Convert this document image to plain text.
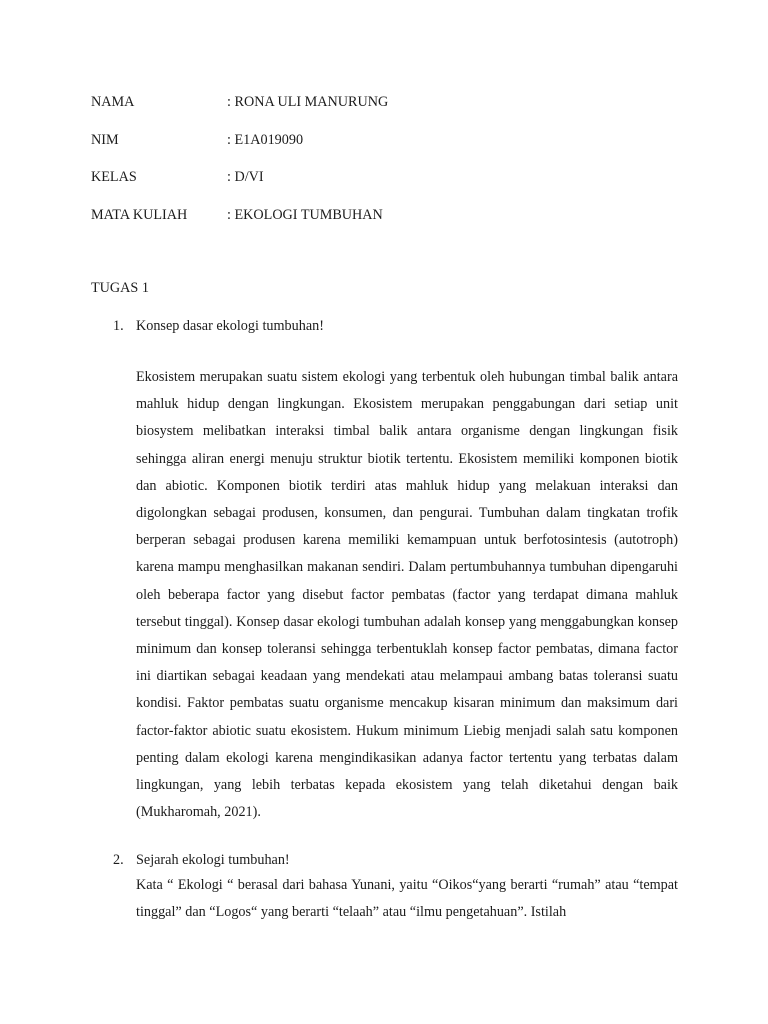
NAMA	: RONA ULI MANURUNG
NIM	: E1A019090
KELAS	: D/VI
MATA KULIAH	: EKOLOGI TUMBUHAN
TUGAS 1
1. Konsep dasar ekologi tumbuhan!

Ekosistem merupakan suatu sistem ekologi yang terbentuk oleh hubungan timbal balik antara mahluk hidup dengan lingkungan. Ekosistem merupakan penggabungan dari setiap unit biosystem melibatkan interaksi timbal balik antara organisme dengan lingkungan fisik sehingga aliran energi menuju struktur biotik tertentu. Ekosistem memiliki komponen biotik dan abiotic. Komponen biotik terdiri atas mahluk hidup yang melakuan interaksi dan digolongkan sebagai produsen, konsumen, dan pengurai. Tumbuhan dalam tingkatan trofik berperan sebagai produsen karena memiliki kemampuan untuk berfotosintesis (autotroph) karena mampu menghasilkan makanan sendiri. Dalam pertumbuhannya tumbuhan dipengaruhi oleh beberapa factor yang disebut factor pembatas (factor yang terdapat dimana mahluk tersebut tinggal). Konsep dasar ekologi tumbuhan adalah konsep yang menggabungkan konsep minimum dan konsep toleransi sehingga terbentuklah konsep factor pembatas, dimana factor ini diartikan sebagai keadaan yang mendekati atau melampaui ambang batas toleransi suatu kondisi. Faktor pembatas suatu organisme mencakup kisaran minimum dan maksimum dari factor-faktor abiotic suatu ekosistem. Hukum minimum Liebig menjadi salah satu komponen penting dalam ekologi karena mengindikasikan adanya factor tertentu yang terbatas dalam lingkungan, yang lebih terbatas kepada ekosistem yang telah diketahui dengan baik (Mukharomah, 2021).

2. Sejarah ekologi tumbuhan!

Kata “ Ekologi “ berasal dari bahasa Yunani, yaitu “Oikos“yang berarti “rumah” atau “tempat tinggal” dan “Logos“ yang berarti “telaah” atau “ilmu pengetahuan”. Istilah
